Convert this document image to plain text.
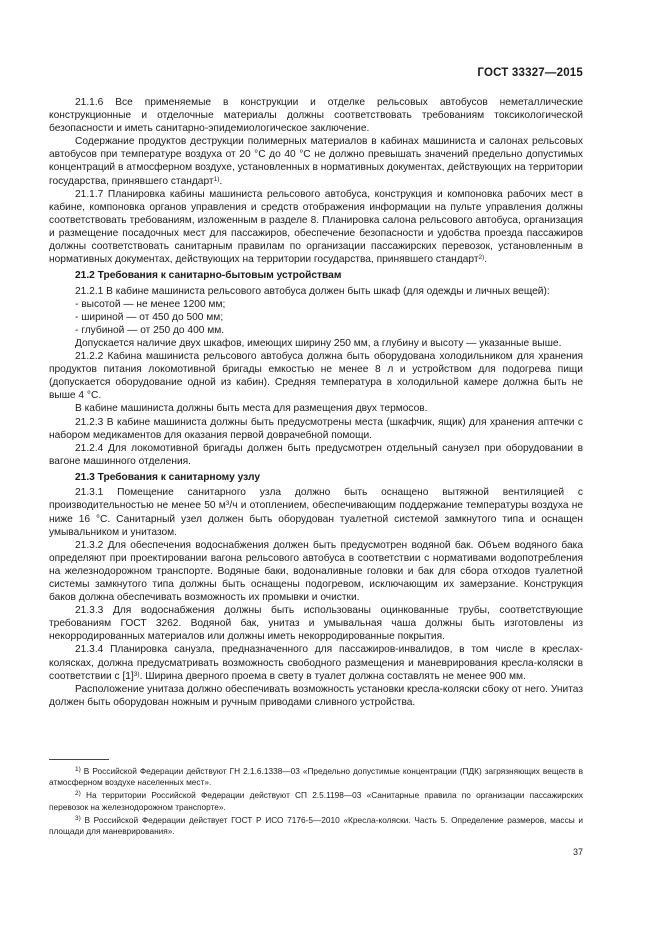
ГОСТ 33327—2015

21.1.6 Все применяемые в конструкции и отделке рельсовых автобусов неметаллические конструкционные и отделочные материалы должны соответствовать требованиям токсикологической безопасности и иметь санитарно-эпидемиологическое заключение.

Содержание продуктов деструкции полимерных материалов в кабинах машиниста и салонах рельсовых автобусов при температуре воздуха от 20 °С до 40 °С не должно превышать значений предельно допустимых концентраций в атмосферном воздухе, установленных в нормативных документах, действующих на территории государства, принявшего стандарт$^{1)}$.

21.1.7 Планировка кабины машиниста рельсового автобуса, конструкция и компоновка рабочих мест в кабине, компоновка органов управления и средств отображения информации на пульте управления должны соответствовать требованиям, изложенным в разделе 8. Планировка салона рельсового автобуса, организация и размещение посадочных мест для пассажиров, обеспечение безопасности и удобства проезда пассажиров должны соответствовать санитарным правилам по организации пассажирских перевозок, установленным в нормативных документах, действующих на территории государства, принявшего стандарт$^{2)}$.

21.2 Требования к санитарно-бытовым устройствам

21.2.1 В кабине машиниста рельсового автобуса должен быть шкаф (для одежды и личных вещей):

- высотой — не менее 1200 мм;

- шириной — от 450 до 500 мм;

- глубиной — от 250 до 400 мм.

Допускается наличие двух шкафов, имеющих ширину 250 мм, а глубину и высоту — указанные выше.

21.2.2 Кабина машиниста рельсового автобуса должна быть оборудована холодильником для хранения продуктов питания локомотивной бригады емкостью не менее 8 л и устройством для подогрева пищи (допускается оборудование одной из кабин). Средняя температура в холодильной камере должна быть не выше 4 °С.

В кабине машиниста должны быть места для размещения двух термосов.

21.2.3 В кабине машиниста должны быть предусмотрены места (шкафчик, ящик) для хранения аптечки с набором медикаментов для оказания первой доврачебной помощи.

21.2.4 Для локомотивной бригады должен быть предусмотрен отдельный санузел при оборудовании в вагоне машинного отделения.

21.3 Требования к санитарному узлу

21.3.1 Помещение санитарного узла должно быть оснащено вытяжной вентиляцией с производительностью не менее 50 $м^3/ч$ и отоплением, обеспечивающим поддержание температуры воздуха не ниже 16 °С. Санитарный узел должен быть оборудован туалетной системой замкнутого типа и оснащен умывальником и унитазом.

21.3.2 Для обеспечения водоснабжения должен быть предусмотрен водяной бак. Объем водяного бака определяют при проектировании вагона рельсового автобуса в соответствии с нормативами водопотребления на железнодорожном транспорте. Водяные баки, водоналивные головки и бак для сбора отходов туалетной системы замкнутого типа должны быть оснащены подогревом, исключающим их замерзание. Конструкция баков должна обеспечивать возможность их промывки и очистки.

21.3.3 Для водоснабжения должны быть использованы оцинкованные трубы, соответствующие требованиям ГОСТ 3262. Водяной бак, унитаз и умывальная чаша должны быть изготовлены из некорродированных материалов или должны иметь некорродированные покрытия.

21.3.4 Планировка санузла, предназначенного для пассажиров-инвалидов, в том числе в креслах-колясках, должна предусматривать возможность свободного размещения и маневрирования кресла-коляски в соответствии с $[1]^{3)}$. Ширина дверного проема в свету в туалет должна составлять не менее 900 мм.

Расположение унитаза должно обеспечивать возможность установки кресла-коляски сбоку от него. Унитаз должен быть оборудован ножным и ручным приводами сливного устройства.

$^{1)}$ В Российской Федерации действуют ГН 2.1.6.1338—03 «Предельно допустимые концентрации (ПДК) загрязняющих веществ в атмосферном воздухе населенных мест».

$^{2)}$ На территории Российской Федерации действуют СП 2.5.1198—03 «Санитарные правила по организации пассажирских перевозок на железнодорожном транспорте».

$^{3)}$ В Российской Федерации действует ГОСТ Р ИСО 7176-5—2010 «Кресла-коляски. Часть 5. Определение размеров, массы и площади для маневрирования».

37
